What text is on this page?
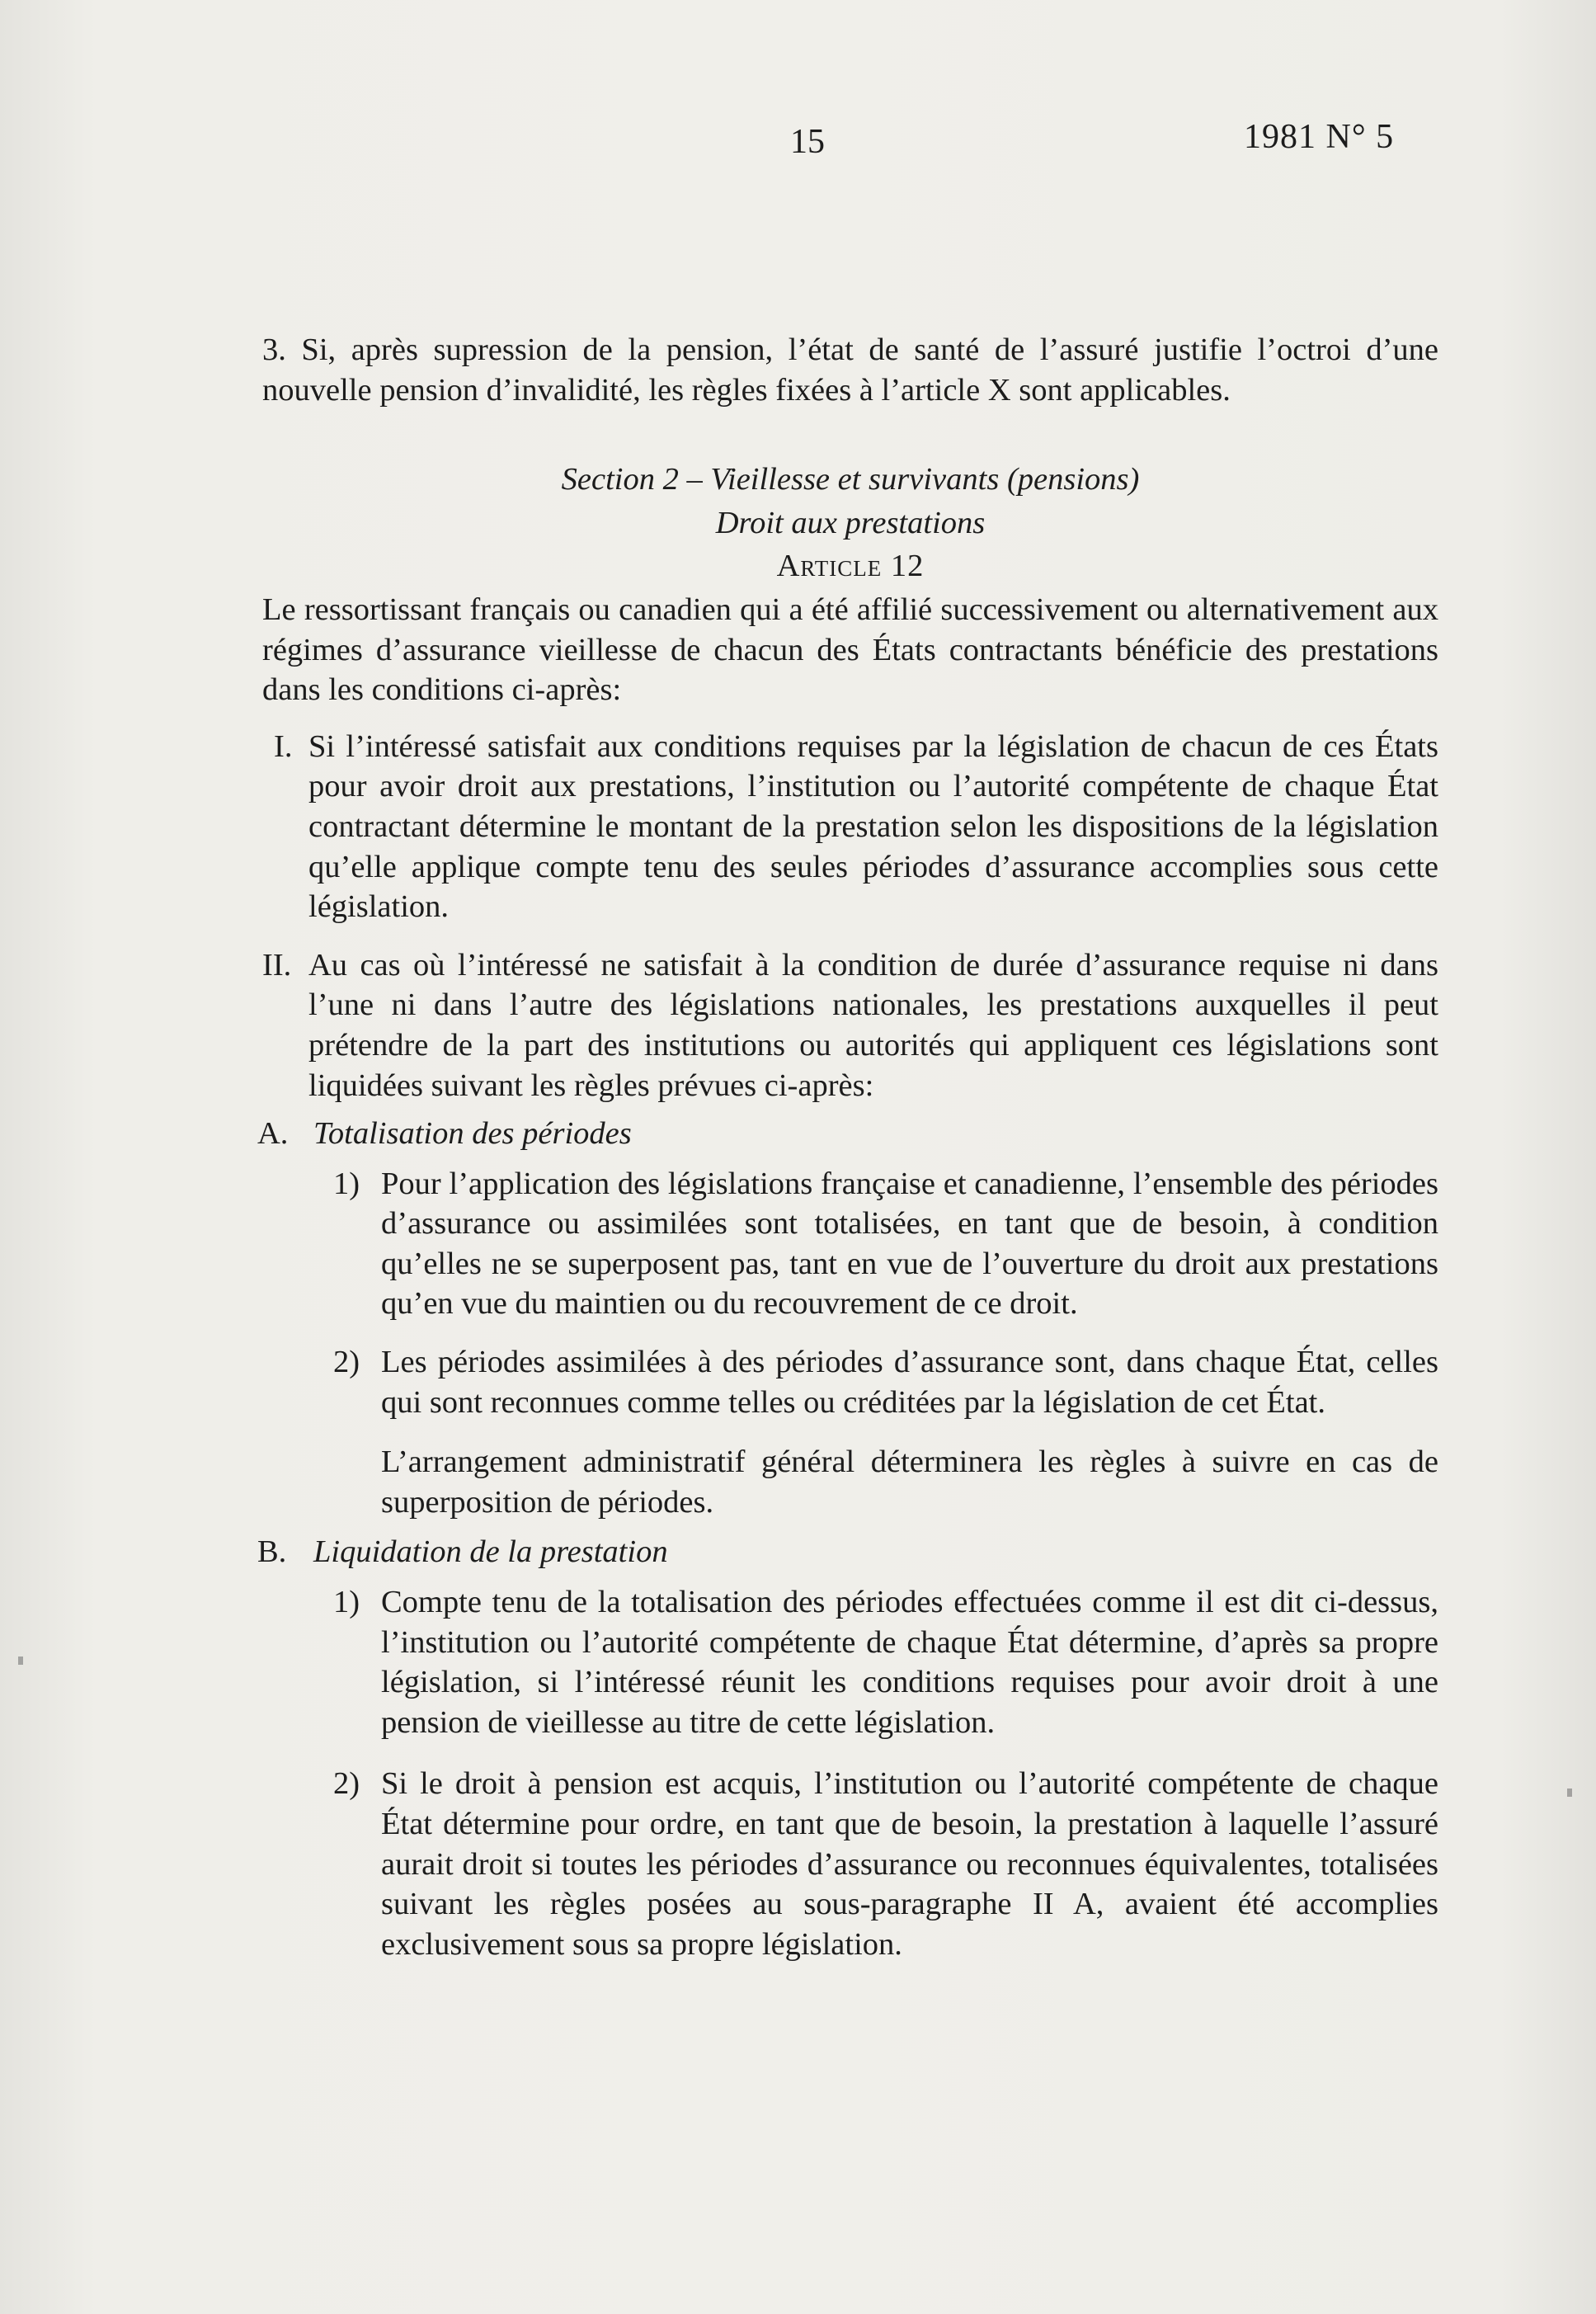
15	1981 N° 5

3. Si, après supression de la pension, l’état de santé de l’assuré justifie l’octroi d’une nouvelle pension d’invalidité, les règles fixées à l’article X sont applicables.

Section 2 – Vieillesse et survivants (pensions)

Droit aux prestations

Article 12

Le ressortissant français ou canadien qui a été affilié successivement ou alternativement aux régimes d’assurance vieillesse de chacun des États contractants bénéficie des prestations dans les conditions ci-après:

I. Si l’intéressé satisfait aux conditions requises par la législation de chacun de ces États pour avoir droit aux prestations, l’institution ou l’autorité compétente de chaque État contractant détermine le montant de la prestation selon les dispositions de la législation qu’elle applique compte tenu des seules périodes d’assurance accomplies sous cette législation.
II. Au cas où l’intéressé ne satisfait à la condition de durée d’assurance requise ni dans l’une ni dans l’autre des législations nationales, les prestations auxquelles il peut prétendre de la part des institutions ou autorités qui appliquent ces législations sont liquidées suivant les règles prévues ci-après:
A. Totalisation des périodes
1) Pour l’application des législations française et canadienne, l’ensemble des périodes d’assurance ou assimilées sont totalisées, en tant que de besoin, à condition qu’elles ne se superposent pas, tant en vue de l’ouverture du droit aux prestations qu’en vue du maintien ou du recouvrement de ce droit.
2) Les périodes assimilées à des périodes d’assurance sont, dans chaque État, celles qui sont reconnues comme telles ou créditées par la législation de cet État.

L’arrangement administratif général déterminera les règles à suivre en cas de superposition de périodes.

B. Liquidation de la prestation
1) Compte tenu de la totalisation des périodes effectuées comme il est dit ci-dessus, l’institution ou l’autorité compétente de chaque État détermine, d’après sa propre législation, si l’intéressé réunit les conditions requises pour avoir droit à une pension de vieillesse au titre de cette législation.
2) Si le droit à pension est acquis, l’institution ou l’autorité compétente de chaque État détermine pour ordre, en tant que de besoin, la prestation à laquelle l’assuré aurait droit si toutes les périodes d’assurance ou reconnues équivalentes, totalisées suivant les règles posées au sous-paragraphe II A, avaient été accomplies exclusivement sous sa propre législation.
